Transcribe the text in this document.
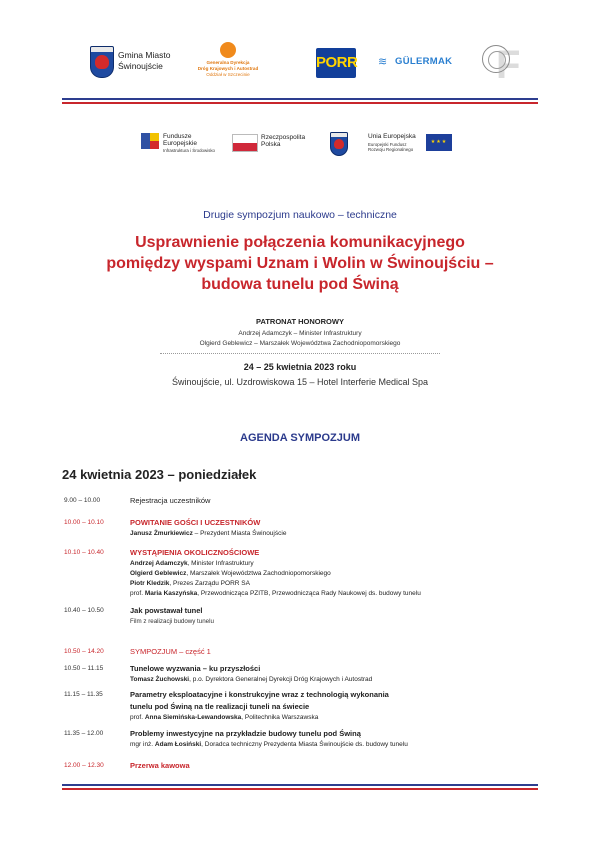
Gmina Miasto
Świnoujście	Generalna Dyrekcja
Dróg Krajowych i Autostrad
Oddział w Szczecinie
PORR ≋ GÜLERMAK F
Fundusze
Europejskie
Infrastruktura i Środowisko
Rzeczpospolita
Polska
Unia Europejska
Europejski Fundusz
Rozwoju Regionalnego
★★★
Drugie sympozjum naukowo – techniczne
Usprawnienie połączenia komunikacyjnego
pomiędzy wyspami Uznam i Wolin w Świnoujściu –
budowa tunelu pod Świną
PATRONAT HONOROWY
Andrzej Adamczyk – Minister Infrastruktury
Olgierd Geblewicz – Marszałek Województwa Zachodniopomorskiego
24 – 25 kwietnia 2023 roku
Świnoujście, ul. Uzdrowiskowa 15 – Hotel Interferie Medical Spa
AGENDA SYMPOZJUM
24 kwietnia 2023 – poniedziałek
9.00 – 10.00	Rejestracja uczestników
10.00 – 10.10	POWITANIE GOŚCI I UCZESTNIKÓW
Janusz Żmurkiewicz – Prezydent Miasta Świnoujście
10.10 – 10.40	WYSTĄPIENIA OKOLICZNOŚCIOWE
Andrzej Adamczyk, Minister Infrastruktury
Olgierd Geblewicz, Marszałek Województwa Zachodniopomorskiego
Piotr Kledzik, Prezes Zarządu PORR SA
prof. Maria Kaszyńska, Przewodnicząca PZITB, Przewodnicząca Rady Naukowej ds. budowy tunelu
10.40 – 10.50	Jak powstawał tunel
Film z realizacji budowy tunelu
10.50 – 14.20	SYMPOZJUM – część 1
10.50 – 11.15	Tunelowe wyzwania – ku przyszłości
Tomasz Żuchowski, p.o. Dyrektora Generalnej Dyrekcji Dróg Krajowych i Autostrad
11.15 – 11.35	Parametry eksploatacyjne i konstrukcyjne wraz z technologią wykonania
tunelu pod Świną na tle realizacji tuneli na świecie
prof. Anna Siemińska-Lewandowska, Politechnika Warszawska
11.35 – 12.00	Problemy inwestycyjne na przykładzie budowy tunelu pod Świną
mgr inż. Adam Łosiński, Doradca techniczny Prezydenta Miasta Świnoujście ds. budowy tunelu
12.00 – 12.30	Przerwa kawowa
